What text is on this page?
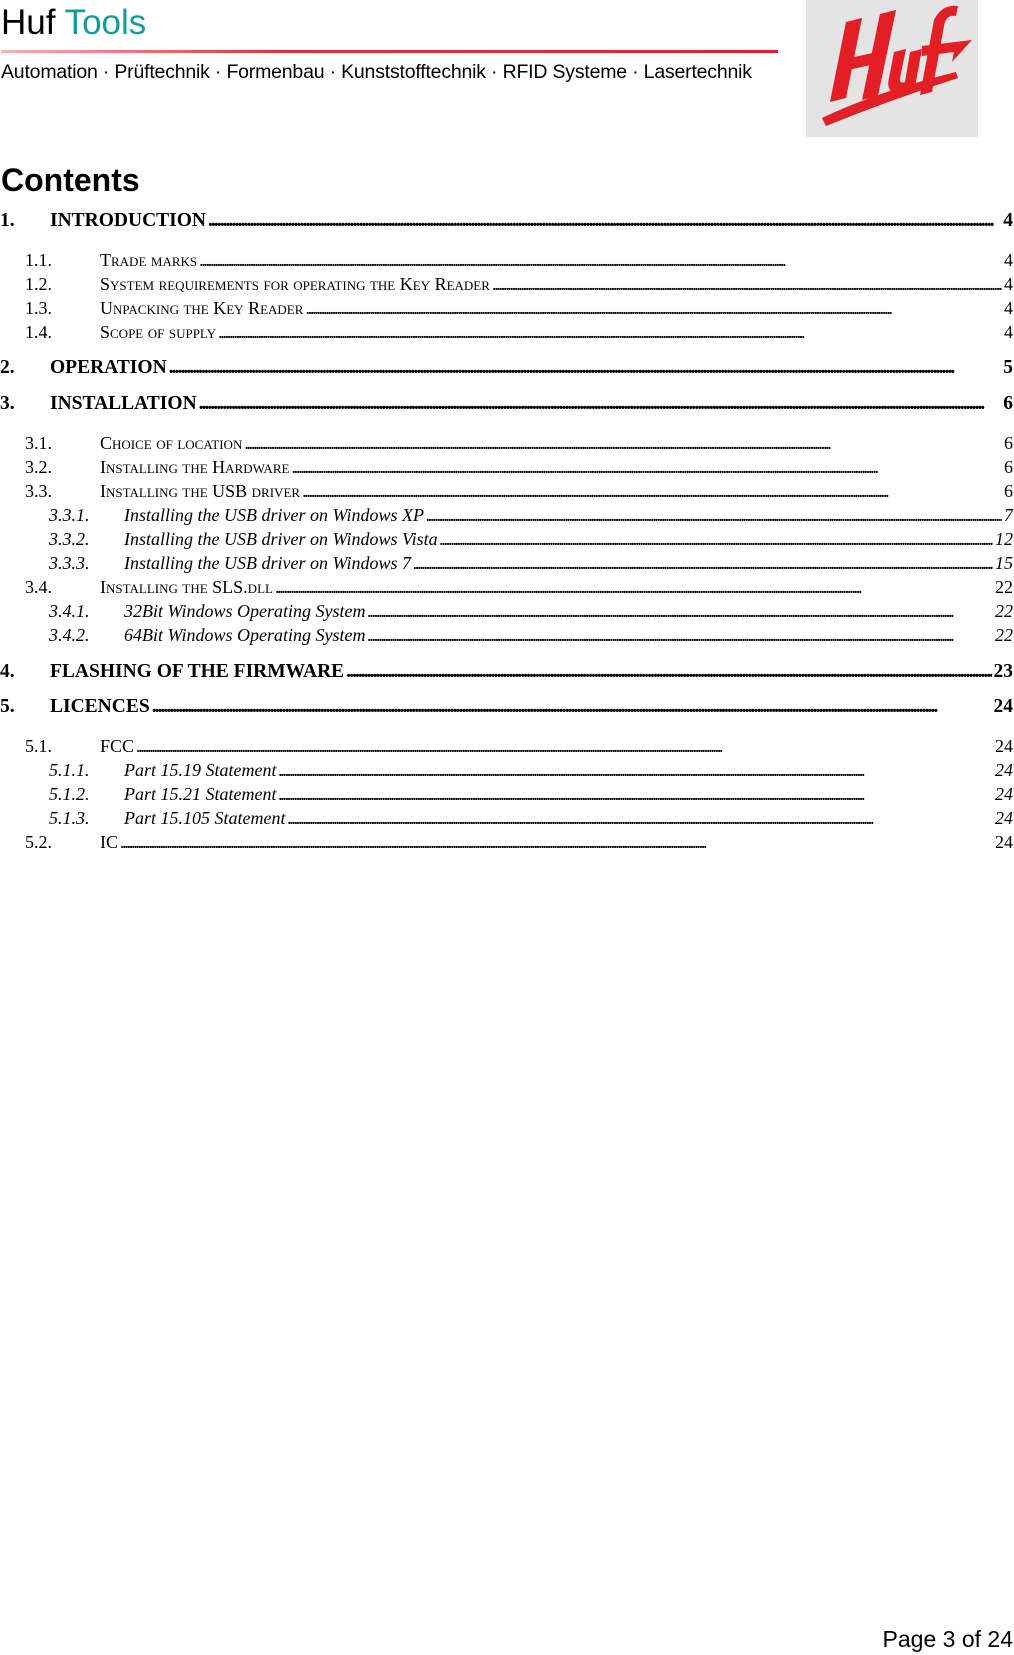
Huf Tools
Automation · Prüftechnik · Formenbau · Kunststofftechnik · RFID Systeme · Lasertechnik
Contents
1.	INTRODUCTION . . .	4
1.1.	Trade marks . . .	4
1.2.	System requirements for operating the Key Reader . . .	4
1.3.	Unpacking the Key Reader . . .	4
1.4.	Scope of supply . . .	4
2.	OPERATION . . .	5
3.	INSTALLATION . . .	6
3.1.	Choice of location . . .	6
3.2.	Installing the Hardware . . .	6
3.3.	Installing the USB driver . . .	6
3.3.1.	Installing the USB driver on Windows XP . . .	7
3.3.2.	Installing the USB driver on Windows Vista . . .	12
3.3.3.	Installing the USB driver on Windows 7 . . .	15
3.4.	Installing the SLS.dll . . .	22
3.4.1.	32Bit Windows Operating System . . .	22
3.4.2.	64Bit Windows Operating System . . .	22
4.	FLASHING OF THE FIRMWARE . . .	23
5.	LICENCES . . .	24
5.1.	FCC . . .	24
5.1.1.	Part 15.19 Statement . . .	24
5.1.2.	Part 15.21 Statement . . .	24
5.1.3.	Part 15.105 Statement . . .	24
5.2.	IC . . .	24
Page 3 of 24
